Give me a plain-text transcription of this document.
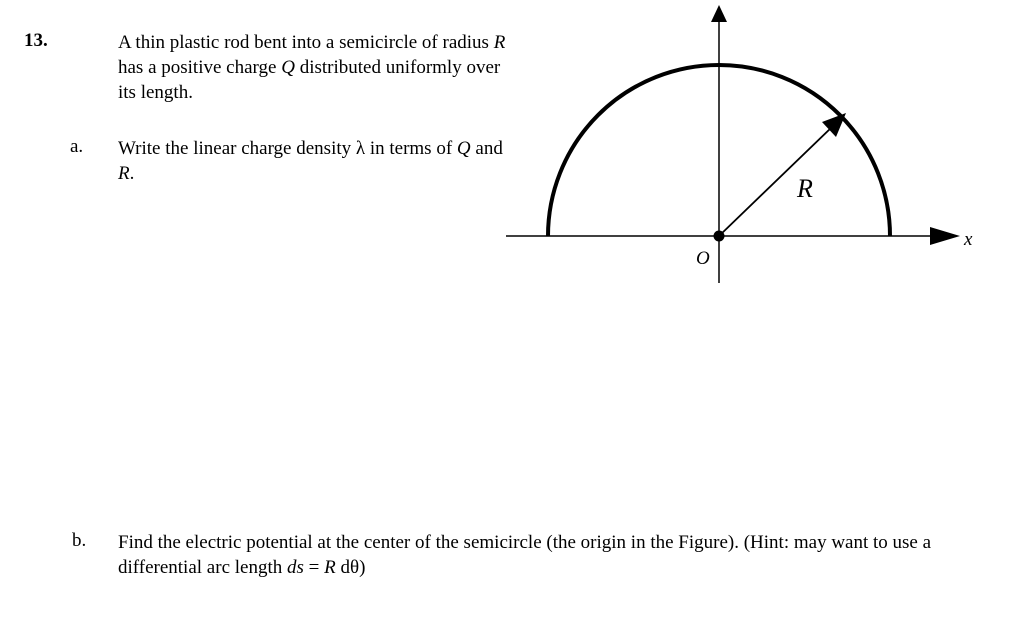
13.	A thin plastic rod bent into a semicircle of radius R has a positive charge Q distributed uniformly over its length.
a. Write the linear charge density λ in terms of Q and R.
R
O
x
b. Find the electric potential at the center of the semicircle (the origin in the Figure). (Hint: may want to use a differential arc length ds = R dθ)
